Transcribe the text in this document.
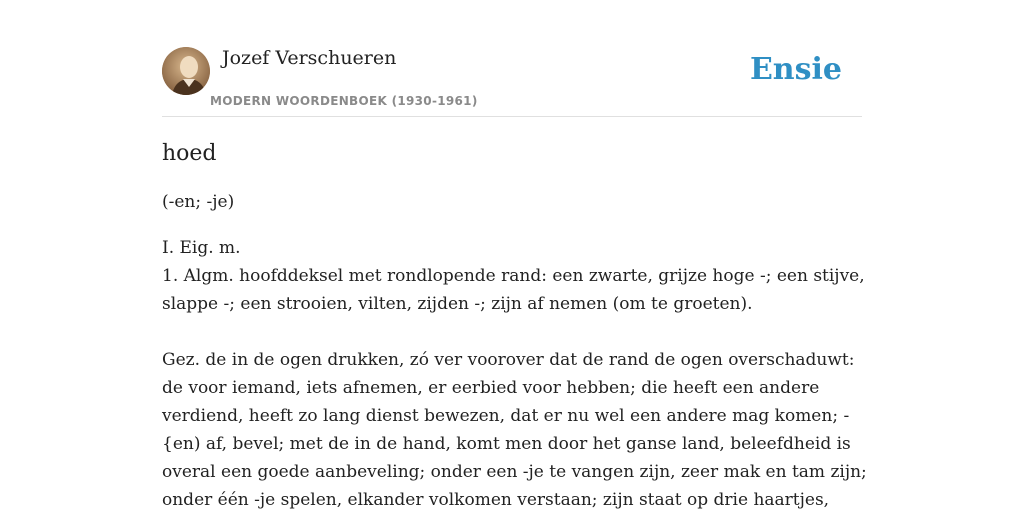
Jozef Verschueren
MODERN WOORDENBOEK (1930-1961)
Ensie
hoed
(-en; -je)
I. Eig. m.
1. Algm. hoofddeksel met rondlopende rand: een zwarte, grijze hoge -; een stijve,
slappe -; een strooien, vilten, zijden -; zijn af nemen (om te groeten).
Gez. de in de ogen drukken, zó ver voorover dat de rand de ogen overschaduwt:
de voor iemand, iets afnemen, er eerbied voor hebben; die heeft een andere
verdiend, heeft zo lang dienst bewezen, dat er nu wel een andere mag komen; -
{en) af, bevel; met de in de hand, komt men door het ganse land, beleefdheid is
overal een goede aanbeveling; onder een -je te vangen zijn, zeer mak en tam zijn;
onder één -je spelen, elkander volkomen verstaan; zijn staat op drie haartjes,
